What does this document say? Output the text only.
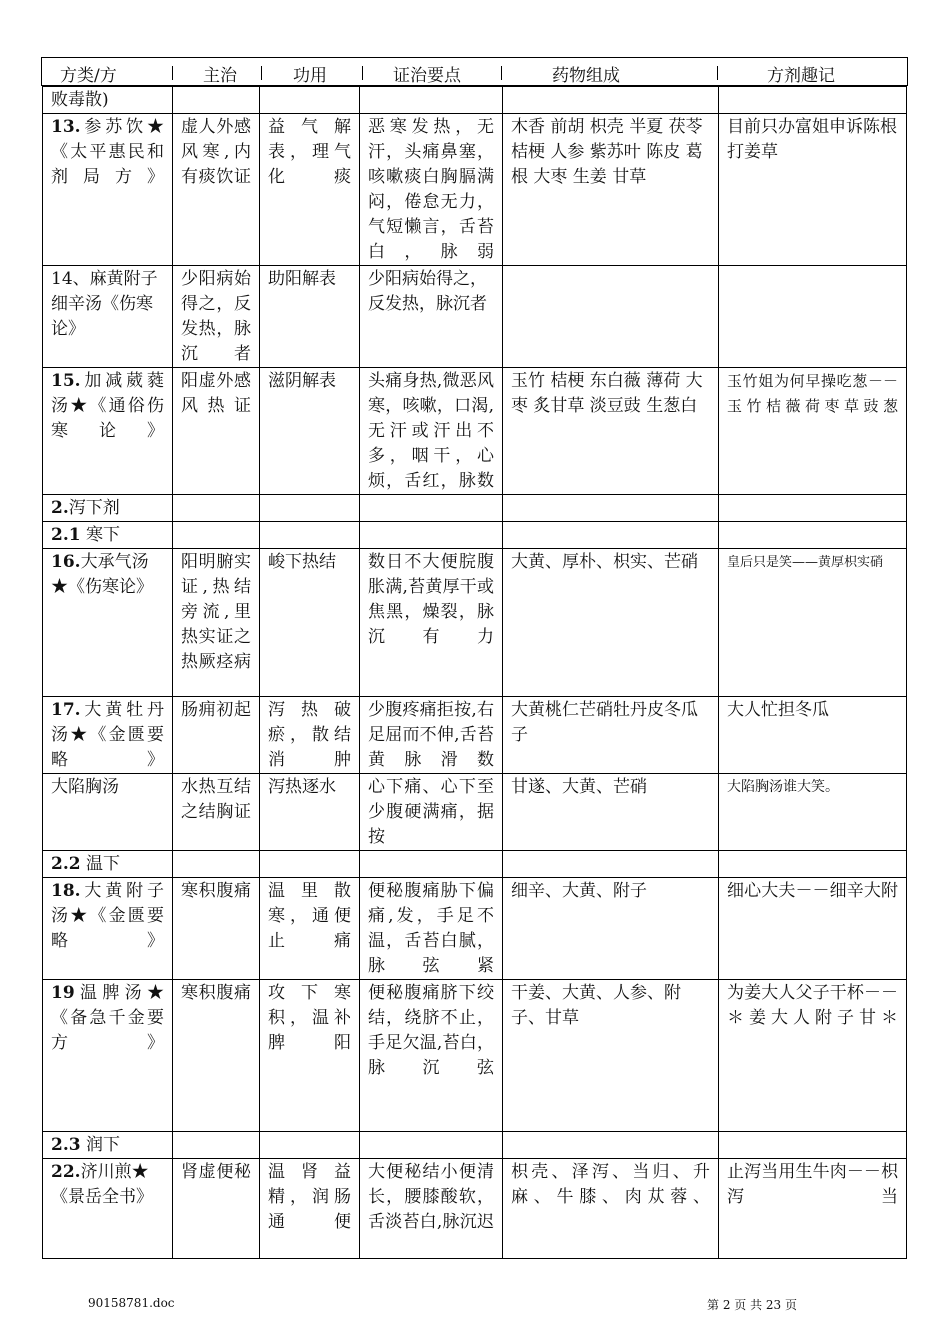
方类/方	主治	功用	证治要点	药物组成	方剂趣记
败毒散)					
13.参苏饮★《太平惠民和剂局方》	虚人外感风寒,内有痰饮证	益气解表，理气化痰	恶寒发热，无汗，头痛鼻塞，咳嗽痰白胸膈满闷，倦怠无力，气短懒言，舌苔白，脉弱	木香 前胡 枳壳 半夏 茯苓 桔梗 人参 紫苏叶 陈皮 葛根 大枣 生姜 甘草	目前只办富姐申诉陈根打姜草
14、麻黄附子细辛汤《伤寒论》	少阳病始得之，反发热，脉沉者	助阳解表	少阳病始得之，反发热，脉沉者		
15.加减葳蕤汤★《通俗伤寒论》	阳虚外感风热证	滋阴解表	头痛身热,微恶风寒，咳嗽，口渴,无汗或汗出不多，咽干，心烦，舌红，脉数	玉竹 桔梗 东白薇 薄荷 大枣 炙甘草 淡豆豉 生葱白	玉竹姐为何早操吃葱－－玉竹桔薇荷枣草豉葱
2.泻下剂					
2.1 寒下					
16.大承气汤★《伤寒论》	阳明腑实证,热结旁流,里热实证之热厥痉病	峻下热结	数日不大便脘腹胀满,苔黄厚干或焦黑，燥裂，脉沉有力	大黄、厚朴、枳实、芒硝	皇后只是笑——黄厚枳实硝
17.大黄牡丹汤★《金匮要略》	肠痈初起	泻热破瘀，散结消肿	少腹疼痛拒按,右足屈而不伸,舌苔黄脉滑数	大黄桃仁芒硝牡丹皮冬瓜子	大人忙担冬瓜
大陷胸汤	水热互结之结胸证	泻热逐水	心下痛、心下至少腹硬满痛，据按	甘遂、大黄、芒硝	大陷胸汤谁大笑。
2.2 温下					
18.大黄附子汤★《金匮要略》	寒积腹痛	温里散寒，通便止痛	便秘腹痛胁下偏痛,发，手足不温，舌苔白腻，脉弦紧	细辛、大黄、附子	细心大夫－－细辛大附
19温脾汤★《备急千金要方》	寒积腹痛	攻下寒积，温补脾阳	便秘腹痛脐下绞结，绕脐不止，手足欠温,苔白，脉沉弦	干姜、大黄、人参、附子、甘草	为姜大人父子干杯－－＊姜大人附子甘＊
2.3 润下					
22.济川煎★《景岳全书》	肾虚便秘	温肾益精，润肠通便	大便秘结小便清长，腰膝酸软，舌淡苔白,脉沉迟	枳壳、泽泻、当归、升麻、牛膝、肉苁蓉、	止泻当用生牛肉－－枳泻当
90158781.doc	第 2 页 共 23 页
